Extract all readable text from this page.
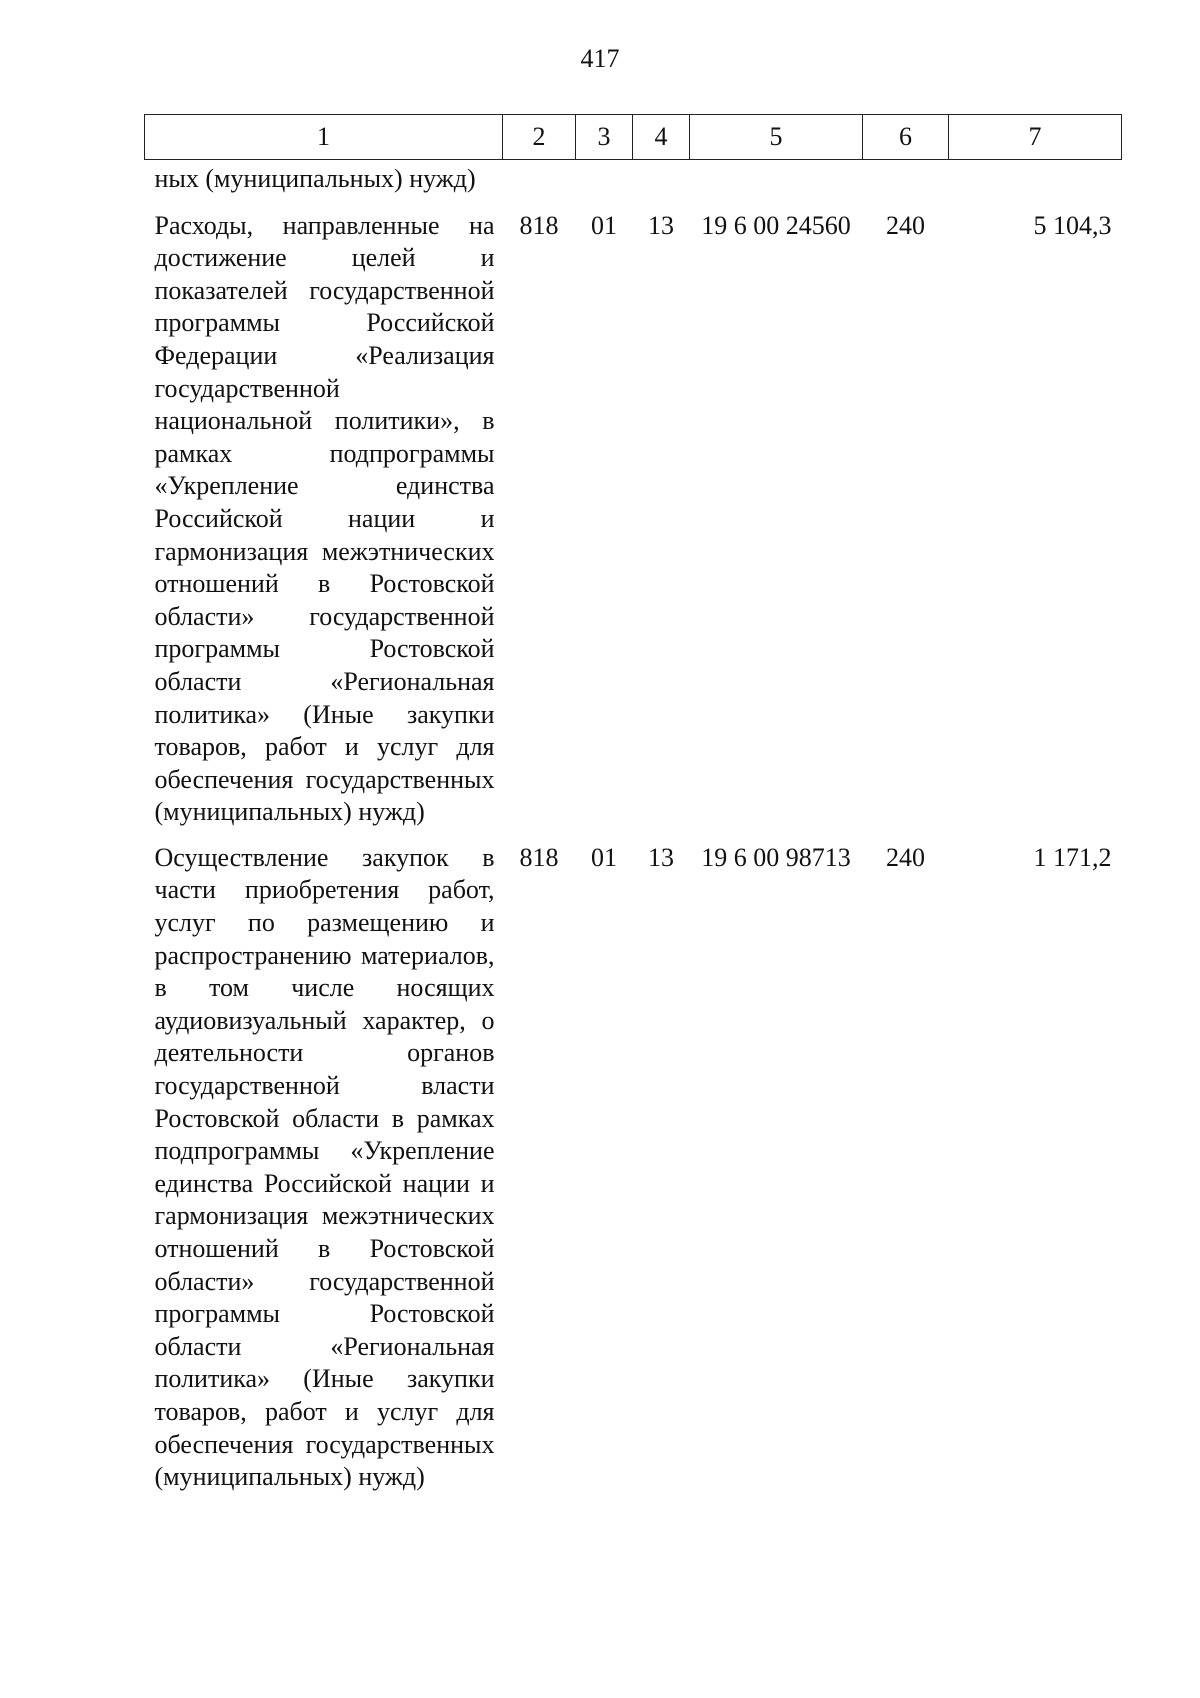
417
1	2	3	4	5	6	7
ных (муниципальных) нужд)						
Расходы, направленные на достижение целей и показателей государственной программы Российской Федерации «Реализация государственной национальной политики», в рамках подпрограммы «Укрепление единства Российской нации и гармонизация межэтнических отношений в Ростовской области» государственной программы Ростовской области «Региональная политика» (Иные закупки товаров, работ и услуг для обеспечения государственных (муниципальных) нужд)	818	01	13	19 6 00 24560	240	5 104,3
Осуществление закупок в части приобретения работ, услуг по размещению и распространению материалов, в том числе носящих аудиовизуальный характер, о деятельности органов государственной власти Ростовской области в рамках подпрограммы «Укрепление единства Российской нации и гармонизация межэтнических отношений в Ростовской области» государственной программы Ростовской области «Региональная политика» (Иные закупки товаров, работ и услуг для обеспечения государственных (муниципальных) нужд)	818	01	13	19 6 00 98713	240	1 171,2
